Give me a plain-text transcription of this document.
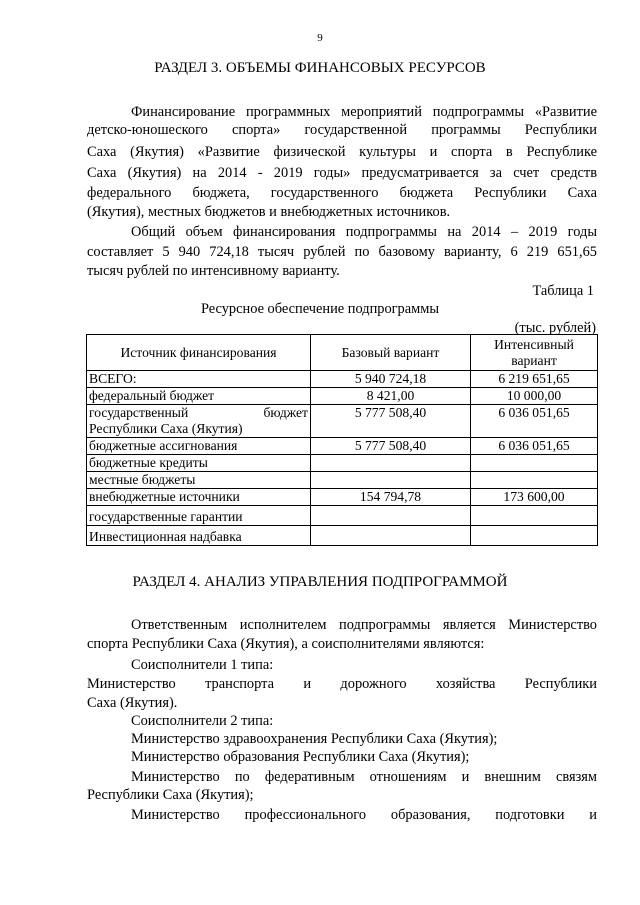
9
РАЗДЕЛ 3. ОБЪЕМЫ ФИНАНСОВЫХ РЕСУРСОВ
Финансирование программных мероприятий подпрограммы «Развитие
детско-юношеского спорта» государственной программы Республики
Саха (Якутия) «Развитие физической культуры и спорта в Республике
Саха (Якутия) на 2014 - 2019 годы» предусматривается за счет средств
федерального бюджета, государственного бюджета Республики Саха
(Якутия), местных бюджетов и внебюджетных источников.
Общий объем финансирования подпрограммы на 2014 – 2019 годы
составляет 5 940 724,18 тысяч рублей по базовому варианту, 6 219 651,65
тысяч рублей по интенсивному варианту.
Таблица 1
Ресурсное обеспечение подпрограммы
(тыс. рублей)
Источник финансирования	Базовый вариант	Интенсивный
вариант

ВСЕГО:	5 940 724,18	6 219 651,65
федеральный бюджет	8 421,00	10 000,00

государственный бюджет
Республики Саха (Якутия)	5 777 508,40	6 036 051,65
бюджетные ассигнования	5 777 508,40	6 036 051,65
бюджетные кредиты		
местные бюджеты		
внебюджетные источники	154 794,78	173 600,00
государственные гарантии		
Инвестиционная надбавка		
РАЗДЕЛ 4. АНАЛИЗ УПРАВЛЕНИЯ ПОДПРОГРАММОЙ
Ответственным исполнителем подпрограммы является Министерство
спорта Республики Саха (Якутия), а соисполнителями являются:
Соисполнители 1 типа:
Министерство транспорта и дорожного хозяйства Республики
Саха (Якутия).
Соисполнители 2 типа:
Министерство здравоохранения Республики Саха (Якутия);
Министерство образования Республики Саха (Якутия);
Министерство по федеративным отношениям и внешним связям
Республики Саха (Якутия);
Министерство профессионального образования, подготовки и
